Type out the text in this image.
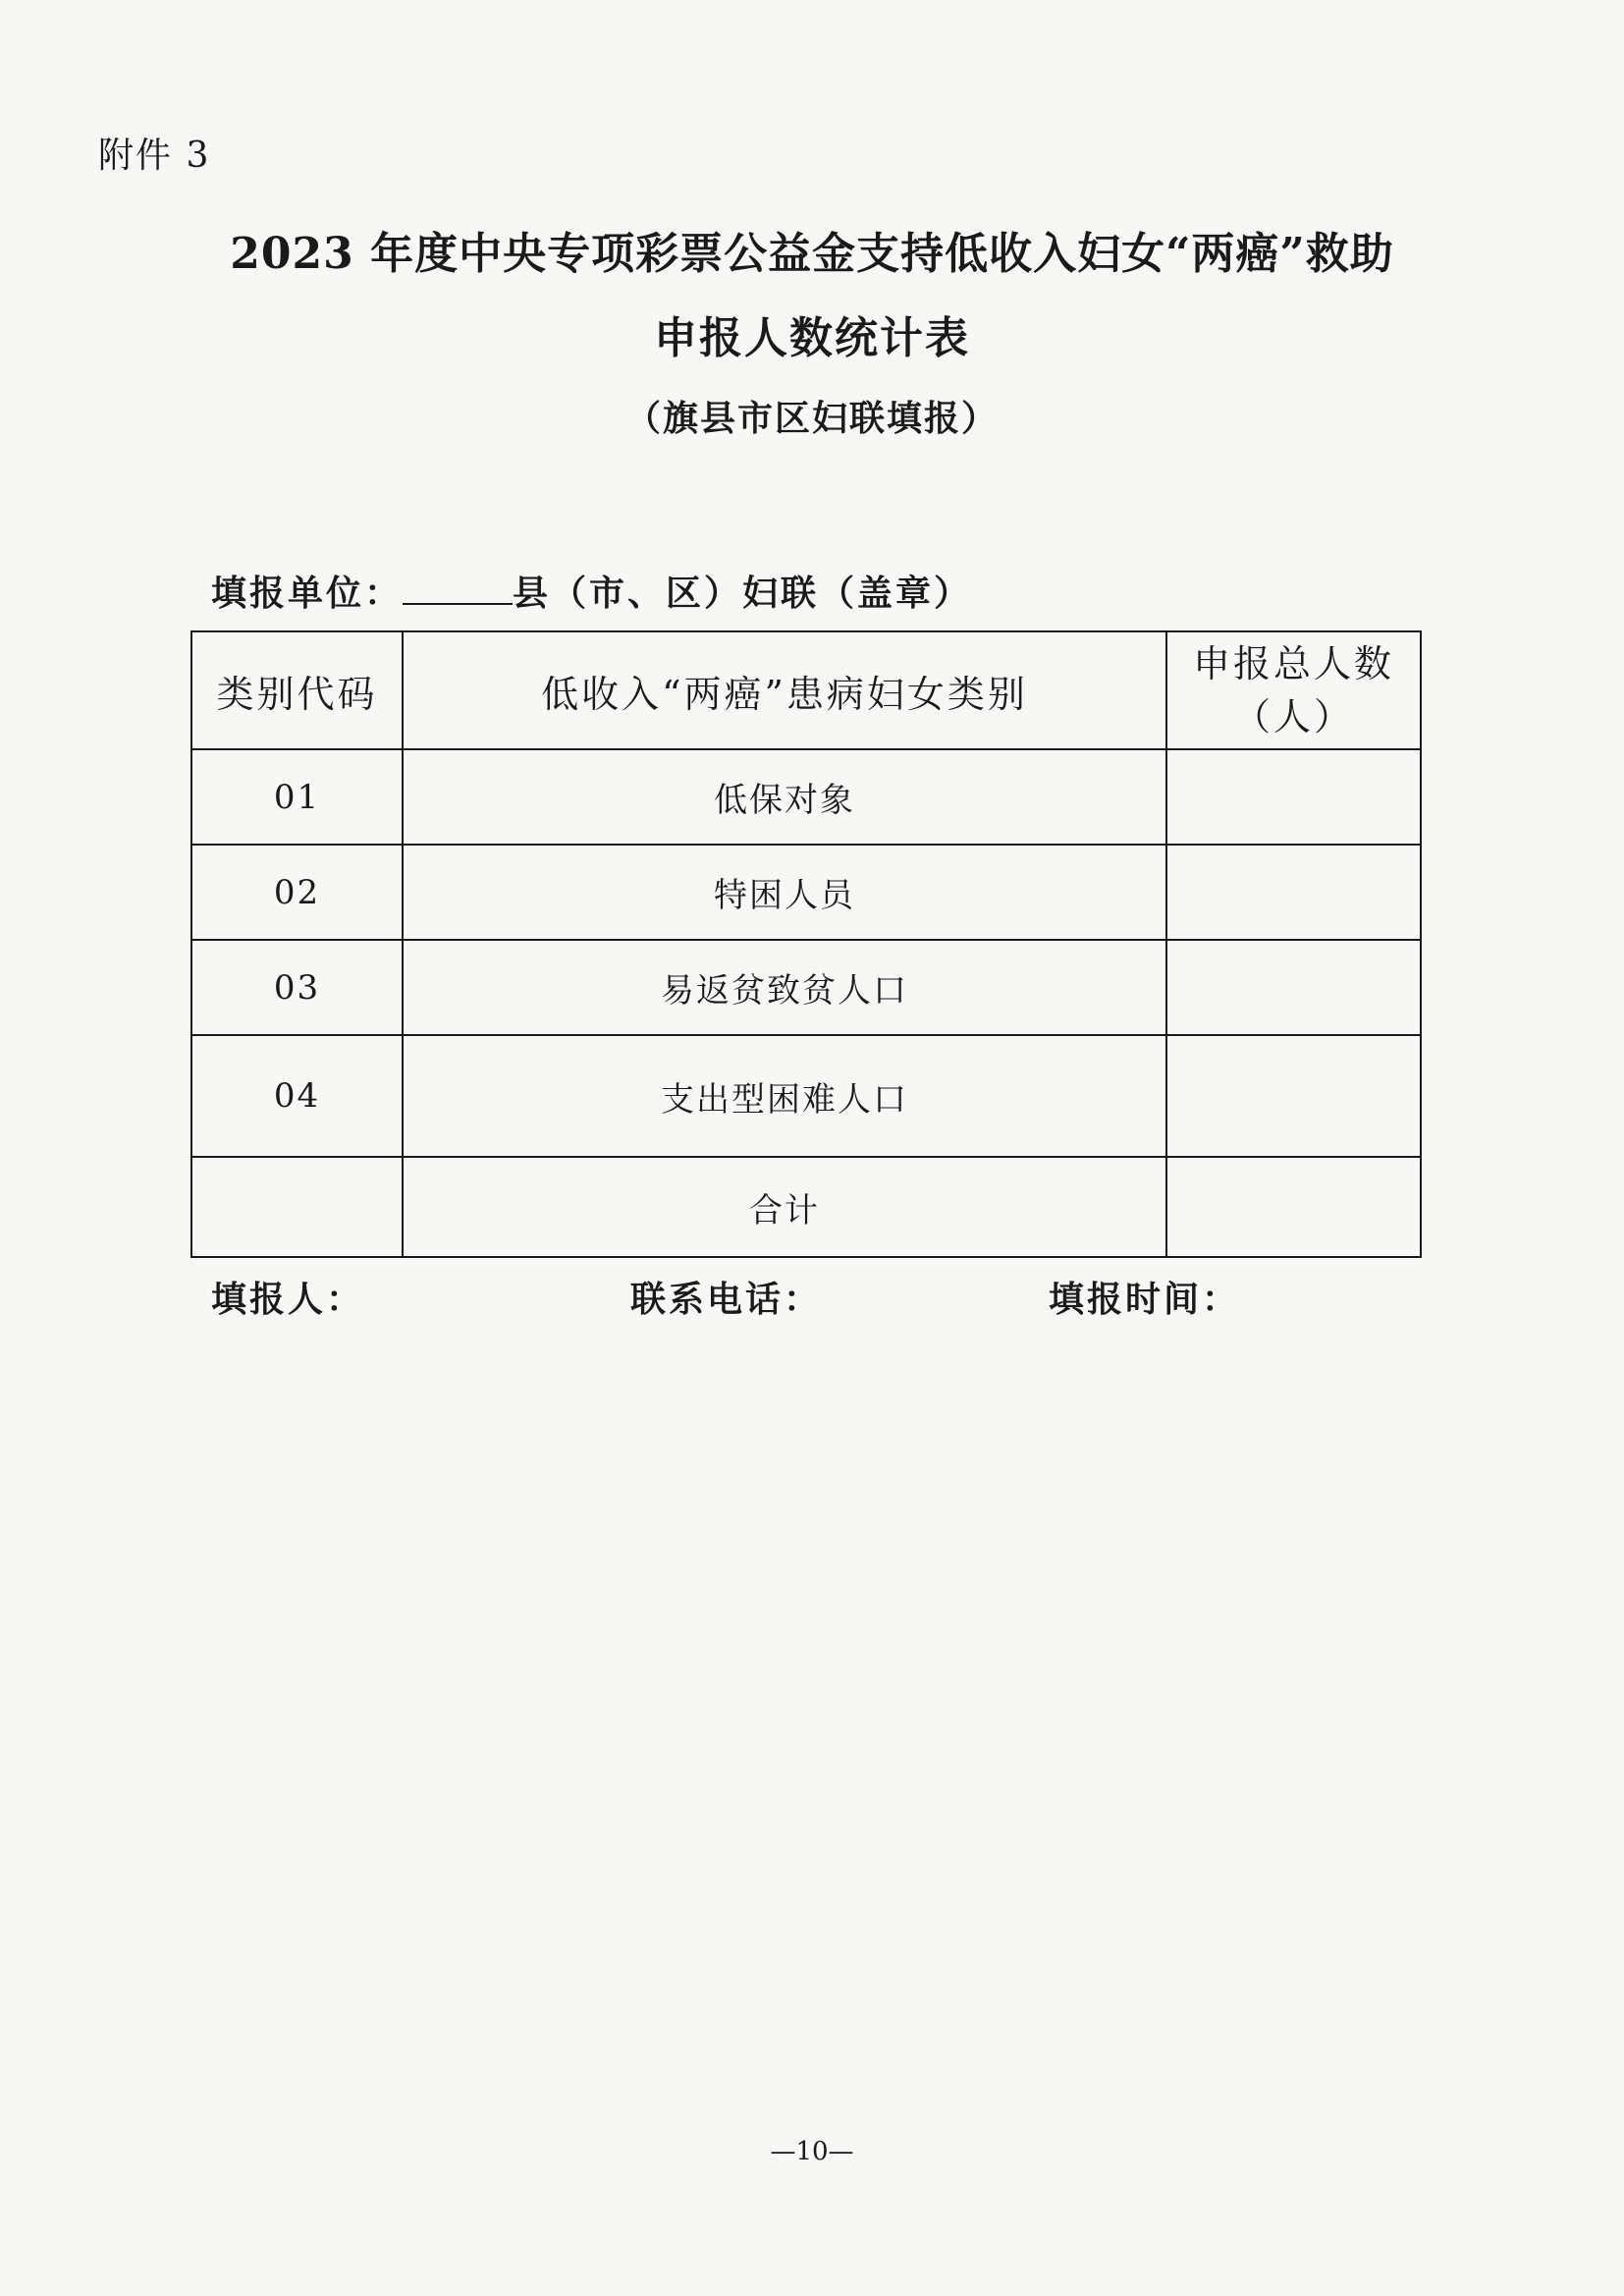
附件 3
2023 年度中央专项彩票公益金支持低收入妇女“两癌”救助
申报人数统计表
（旗县市区妇联填报）
填报单位：	县（市、区）妇联（盖章）
类别代码	低收入“两癌”患病妇女类别	申报总人数
（人）

01	低保对象	
02	特困人员	
03	易返贫致贫人口	
04	支出型困难人口	
	合计	
填报人：	联系电话：	填报时间：
—10—
